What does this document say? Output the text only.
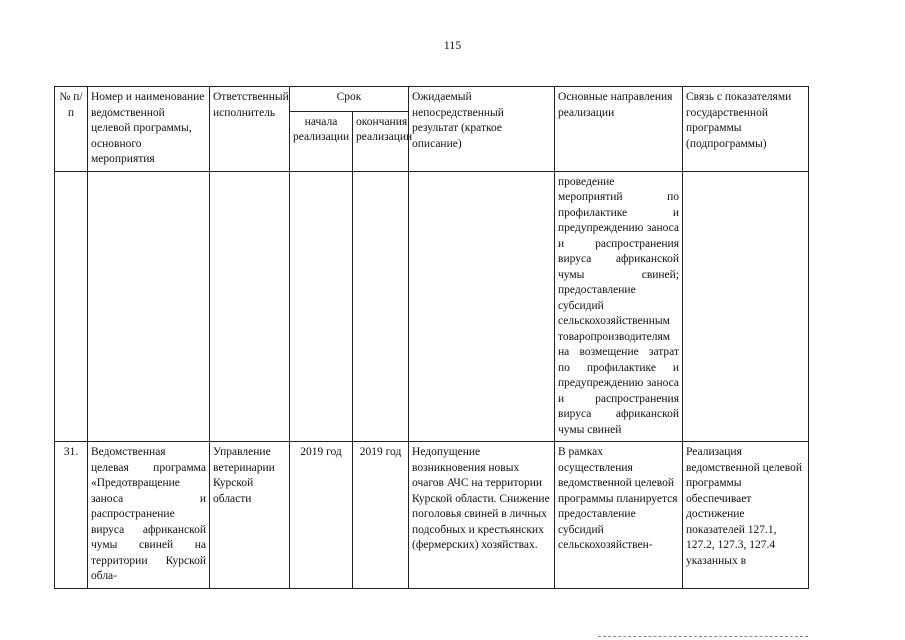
115
№ п/п	Номер и наименование ведомственной целевой программы, основного мероприятия	Ответственный исполнитель	Срок		Ожидаемый непосредственный результат (краткое описание)	Основные направления реализации	Связь с показателями государственной программы (подпрограммы)
			начала реализации	окончания реализации			
						проведение мероприятий по профилактике и предупреждению заноса и распространения вируса африканской чумы свиней; предоставление субсидий сельскохозяйственным товаропроизводителям на возмещение затрат по профилактике и предупреждению заноса и распространения вируса африканской чумы свиней	
31.	Ведомственная целевая программа «Предотвращение заноса и распространение вируса африканской чумы свиней на территории Курской обла-	Управление ветеринарии Курской области	2019 год	2019 год	Недопущение возникновения новых очагов АЧС на территории Курской области. Снижение поголовья свиней в личных подсобных и крестьянских (фермерских) хозяйствах.	В рамках осуществления ведомственной целевой программы планируется предоставление субсидий сельскохозяйствен-	Реализация ведомственной целевой программы обеспечивает достижение показателей 127.1, 127.2, 127.3, 127.4 указанных в
